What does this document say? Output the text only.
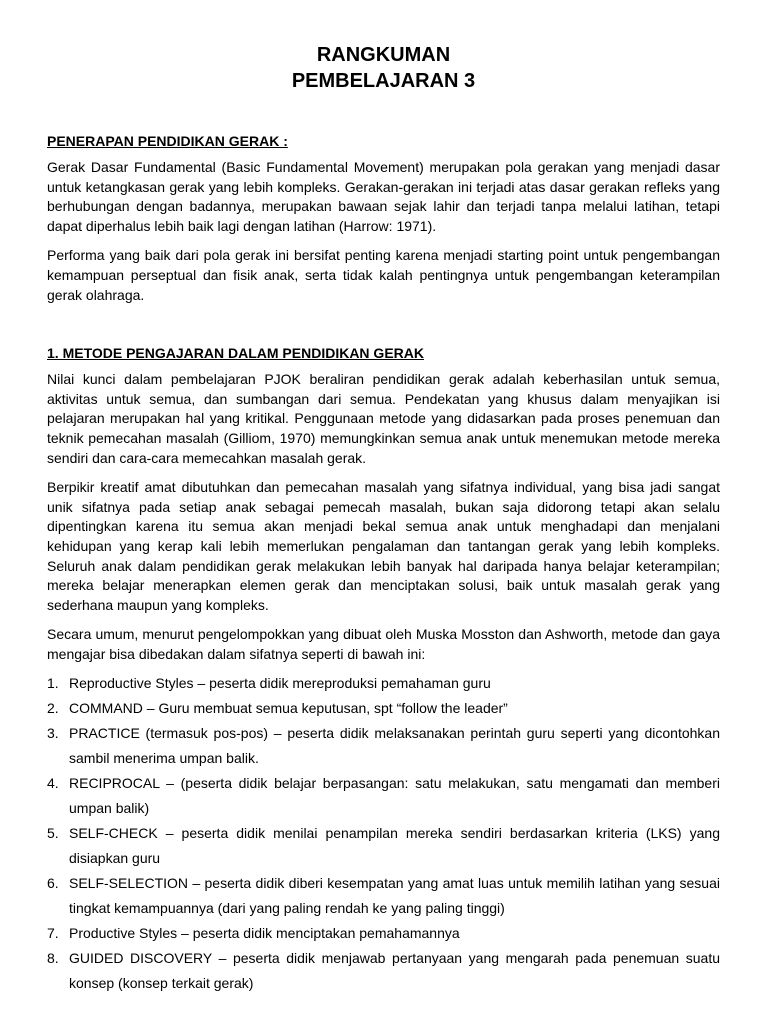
RANGKUMAN
PEMBELAJARAN 3
PENERAPAN PENDIDIKAN GERAK :

Gerak Dasar Fundamental (Basic Fundamental Movement) merupakan pola gerakan yang menjadi dasar untuk ketangkasan gerak yang lebih kompleks. Gerakan-gerakan ini terjadi atas dasar gerakan refleks yang berhubungan dengan badannya, merupakan bawaan sejak lahir dan terjadi tanpa melalui latihan, tetapi dapat diperhalus lebih baik lagi dengan latihan (Harrow: 1971).

Performa yang baik dari pola gerak ini bersifat penting karena menjadi starting point untuk pengembangan kemampuan perseptual dan fisik anak, serta tidak kalah pentingnya untuk pengembangan keterampilan gerak olahraga.

1. METODE PENGAJARAN DALAM PENDIDIKAN GERAK

Nilai kunci dalam pembelajaran PJOK beraliran pendidikan gerak adalah keberhasilan untuk semua, aktivitas untuk semua, dan sumbangan dari semua. Pendekatan yang khusus dalam menyajikan isi pelajaran merupakan hal yang kritikal. Penggunaan metode yang didasarkan pada proses penemuan dan teknik pemecahan masalah (Gilliom, 1970) memungkinkan semua anak untuk menemukan metode mereka sendiri dan cara-cara memecahkan masalah gerak.

Berpikir kreatif amat dibutuhkan dan pemecahan masalah yang sifatnya individual, yang bisa jadi sangat unik sifatnya pada setiap anak sebagai pemecah masalah, bukan saja didorong tetapi akan selalu dipentingkan karena itu semua akan menjadi bekal semua anak untuk menghadapi dan menjalani kehidupan yang kerap kali lebih memerlukan pengalaman dan tantangan gerak yang lebih kompleks. Seluruh anak dalam pendidikan gerak melakukan lebih banyak hal daripada hanya belajar keterampilan; mereka belajar menerapkan elemen gerak dan menciptakan solusi, baik untuk masalah gerak yang sederhana maupun yang kompleks.

Secara umum, menurut pengelompokkan yang dibuat oleh Muska Mosston dan Ashworth, metode dan gaya mengajar bisa dibedakan dalam sifatnya seperti di bawah ini:

1. Reproductive Styles – peserta didik mereproduksi pemahaman guru
2. COMMAND – Guru membuat semua keputusan, spt “follow the leader”
3. PRACTICE (termasuk pos-pos) – peserta didik melaksanakan perintah guru seperti yang dicontohkan sambil menerima umpan balik.
4. RECIPROCAL – (peserta didik belajar berpasangan: satu melakukan, satu mengamati dan memberi umpan balik)
5. SELF-CHECK – peserta didik menilai penampilan mereka sendiri berdasarkan kriteria (LKS) yang disiapkan guru
6. SELF-SELECTION – peserta didik diberi kesempatan yang amat luas untuk memilih latihan yang sesuai tingkat kemampuannya (dari yang paling rendah ke yang paling tinggi)
7. Productive Styles – peserta didik menciptakan pemahamannya
8. GUIDED DISCOVERY – peserta didik menjawab pertanyaan yang mengarah pada penemuan suatu konsep (konsep terkait gerak)
